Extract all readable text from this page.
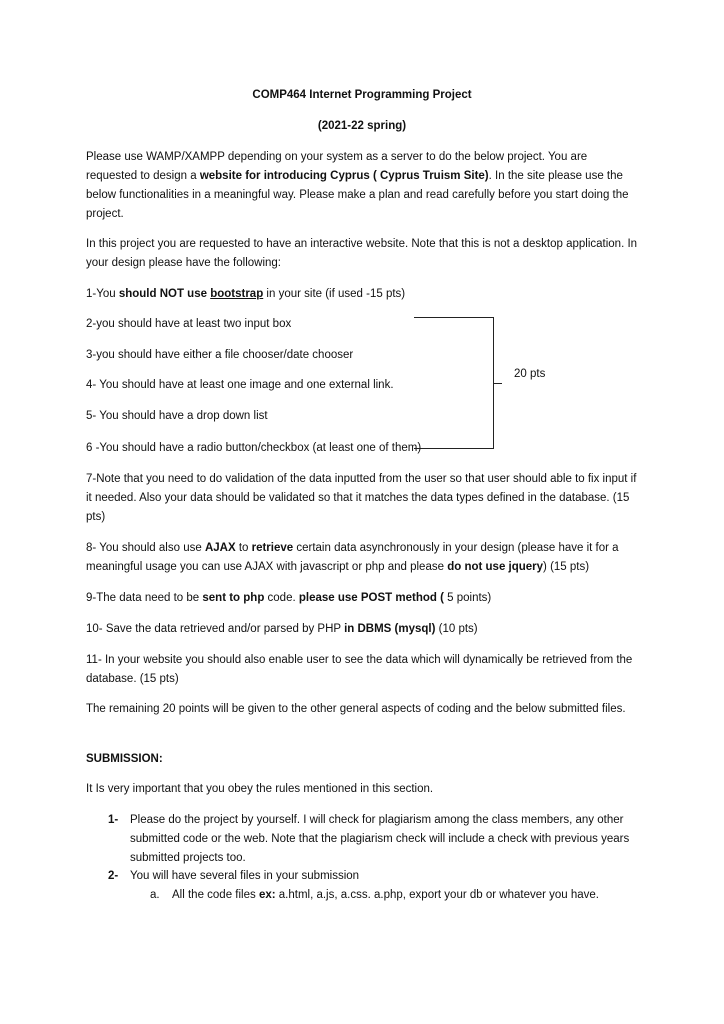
COMP464 Internet Programming Project
(2021-22 spring)
Please use WAMP/XAMPP depending on your system as a server to do the below project. You are requested to design a website for introducing Cyprus ( Cyprus Truism Site). In the site please use the below functionalities in a meaningful way. Please make a plan and read carefully before you start doing the project.
In this project you are requested to have an interactive website. Note that this is not a desktop application. In your design please have the following:
1-You should NOT use bootstrap in your site (if used -15 pts)
2-you should have at least two input box
3-you should have either a file chooser/date chooser
4- You should have at least one image and one external link.
5- You should have a drop down list
6 -You should have a radio button/checkbox (at least one of them)
20 pts
7-Note that you need to do validation of the data inputted from the user so that user should able to fix input if it needed. Also your data should be validated so that it matches the data types defined in the database. (15 pts)
8- You should also use AJAX to retrieve certain data asynchronously in your design (please have it for a meaningful usage you can use AJAX with javascript or php and please do not use jquery) (15 pts)
9-The data need to be sent to php code. please use POST method ( 5 points)
10- Save the data retrieved and/or parsed by PHP in DBMS (mysql) (10 pts)
11- In your website you should also enable user to see the data which will dynamically be retrieved from the database. (15 pts)
The remaining 20 points will be given to the other general aspects of coding and the below submitted files.
SUBMISSION:
It Is very important that you obey the rules mentioned in this section.
1- Please do the project by yourself. I will check for plagiarism among the class members, any other submitted code or the web. Note that the plagiarism check will include a check with previous years submitted projects too.
2- You will have several files in your submission
a. All the code files ex: a.html, a.js, a.css. a.php, export your db or whatever you have.
